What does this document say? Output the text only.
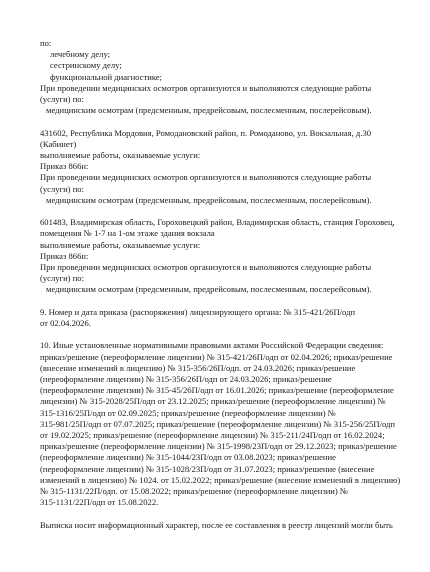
по:
лечебному делу;
сестринскому делу;
функциональной диагностике;
При проведении медицинских осмотров организуются и выполняются следующие работы
(услуги) по:
медицинским осмотрам (предсменным, предрейсовым, послесменным, послерейсовым).
431602, Республика Мордовия, Ромодановский район, п. Ромоданово, ул. Вокзальная, д.30
(Кабинет)
выполняемые работы, оказываемые услуги:
Приказ 866н:
При проведении медицинских осмотров организуются и выполняются следующие работы
(услуги) по:
медицинским осмотрам (предсменным, предрейсовым, послесменным, послерейсовым).
601483, Владимирская область, Гороховецкий район, Владимирская область, станция Гороховец,
помещения № 1-7 на 1-ом этаже здания вокзала
выполняемые работы, оказываемые услуги:
Приказ 866н:
При проведении медицинских осмотров организуются и выполняются следующие работы
(услуги) по:
медицинским осмотрам (предсменным, предрейсовым, послесменным, послерейсовым).
9. Номер и дата приказа (распоряжения) лицензирующего органа: № 315-421/26П/одп
от 02.04.2026.
10. Иные установленные нормативными правовыми актами Российской Федерации сведения:
приказ/решение (переоформление лицензии) № 315-421/26П/одп от 02.04.2026; приказ/решение
(внесение изменений в лицензию) № 315-356/26П/одп. от 24.03.2026; приказ/решение
(переоформление лицензии) № 315-356/26П/одп от 24.03.2026; приказ/решение
(переоформление лицензии) № 315-45/26П/одп от 16.01.2026; приказ/решение (переоформление
лицензии) № 315-2028/25П/одп от 23.12.2025; приказ/решение (переоформление лицензии) №
315-1316/25П/одп от 02.09.2025; приказ/решение (переоформление лицензии) №
315-981/25П/одп от 07.07.2025; приказ/решение (переоформление лицензии) № 315-256/25П/одп
от 19.02.2025; приказ/решение (переоформление лицензии) № 315-211/24П/одп от 16.02.2024;
приказ/решение (переоформление лицензии) № 315-1998/23П/одп от 29.12.2023; приказ/решение
(переоформление лицензии) № 315-1044/23П/одп от 03.08.2023; приказ/решение
(переоформление лицензии) № 315-1028/23П/одп от 31.07.2023; приказ/решение (внесение
изменений в лицензию) № 1024. от 15.02.2022; приказ/решение (внесение изменений в лицензию)
№ 315-1131/22П/одп. от 15.08.2022; приказ/решение (переоформление лицензии) №
315-1131/22П/одп от 15.08.2022.
Выписка носит информационный характер, после ее составления в реестр лицензий могли быть
